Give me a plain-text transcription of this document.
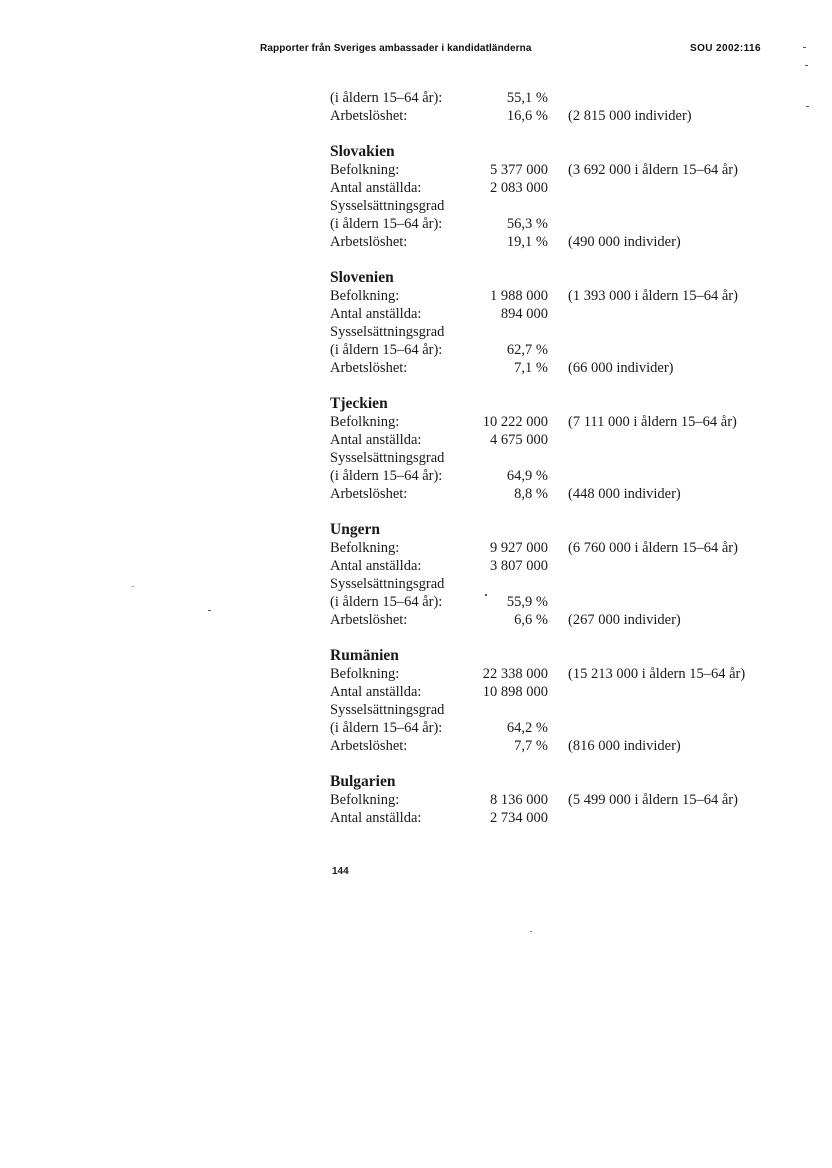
Rapporter från Sveriges ambassader i kandidatländerna	SOU 2002:116
(i åldern 15–64 år):	55,1 %
Arbetslöshet:	16,6 % (2 815 000 individer)
Slovakien
Befolkning:	5 377 000 (3 692 000 i åldern 15–64 år)
Antal anställda:	2 083 000
Sysselsättningsgrad
(i åldern 15–64 år):	56,3 %
Arbetslöshet:	19,1 % (490 000 individer)
Slovenien
Befolkning:	1 988 000 (1 393 000 i åldern 15–64 år)
Antal anställda:	894 000
Sysselsättningsgrad
(i åldern 15–64 år):	62,7 %
Arbetslöshet:	7,1 % (66 000 individer)
Tjeckien
Befolkning:	10 222 000 (7 111 000 i åldern 15–64 år)
Antal anställda:	4 675 000
Sysselsättningsgrad
(i åldern 15–64 år):	64,9 %
Arbetslöshet:	8,8 % (448 000 individer)
Ungern
Befolkning:	9 927 000 (6 760 000 i åldern 15–64 år)
Antal anställda:	3 807 000
Sysselsättningsgrad
(i åldern 15–64 år):	55,9 %
Arbetslöshet:	6,6 % (267 000 individer)
Rumänien
Befolkning:	22 338 000 (15 213 000 i åldern 15–64 år)
Antal anställda:	10 898 000
Sysselsättningsgrad
(i åldern 15–64 år):	64,2 %
Arbetslöshet:	7,7 % (816 000 individer)
Bulgarien
Befolkning:	8 136 000 (5 499 000 i åldern 15–64 år)
Antal anställda:	2 734 000
144
